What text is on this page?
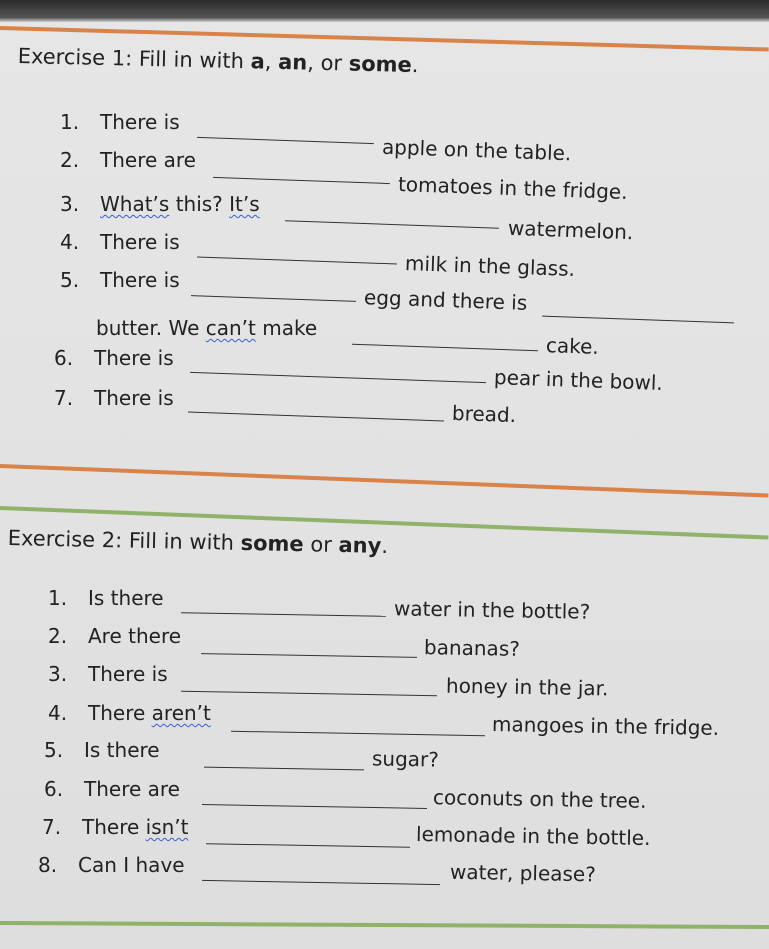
Exercise 1: Fill in with a, an, or some.
1. There is
apple on the table.
2. There are
tomatoes in the fridge.
3. What’s this? It’s
watermelon.
4. There is
milk in the glass.
5. There is
egg and there is
butter. We can’t make
cake.
6. There is
pear in the bowl.
7. There is
bread.
Exercise 2: Fill in with some or any.
1. Is there	water in the bottle?
2. Are there	bananas?
3. There is	honey in the jar.
4. There aren’t	mangoes in the fridge.
5. Is there	sugar?
6. There are	coconuts on the tree.
7. There isn’t	lemonade in the bottle.
8. Can I have	water, please?
